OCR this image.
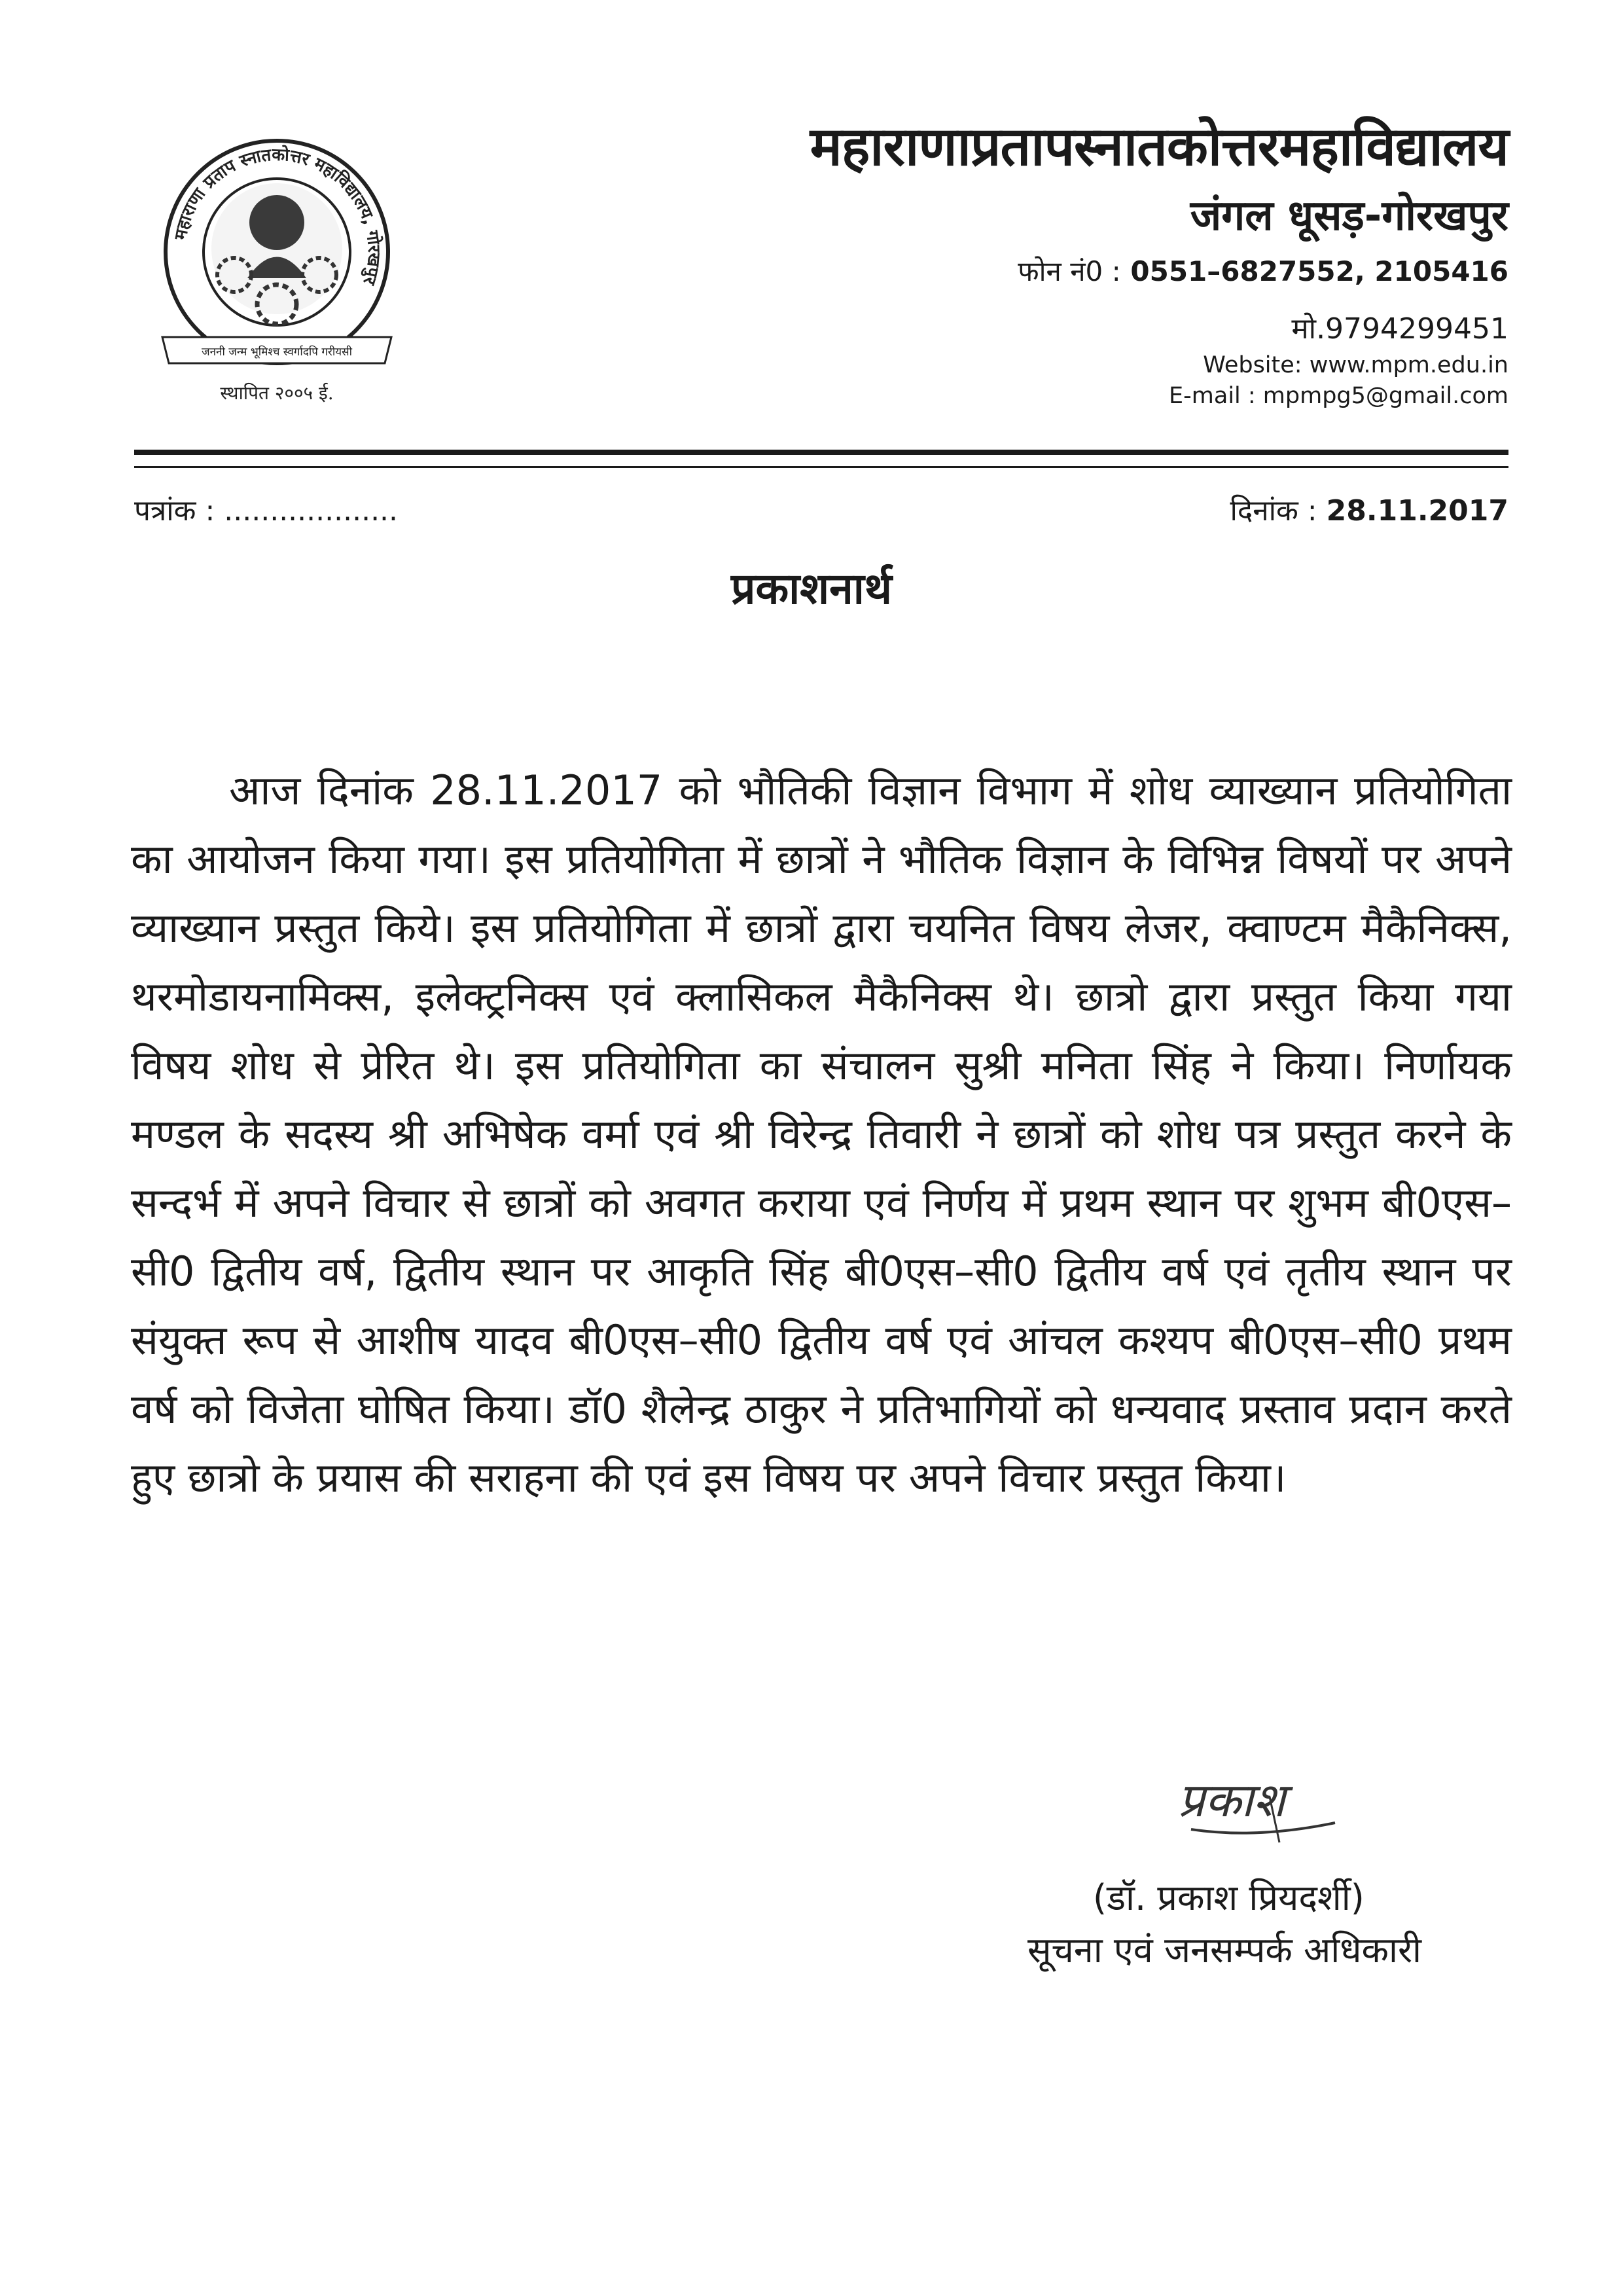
महाराणा प्रताप स्नातकोत्तर महाविद्यालय, गोरखपुर
जननी जन्म भूमिश्च स्वर्गादपि गरीयसी
स्थापित २००५ ई.
महाराणाप्रतापस्नातकोत्तरमहाविद्यालय
जंगल धूसड़-गोरखपुर
फोन नं0 : 0551–6827552, 2105416
मो.9794299451
Website: www.mpm.edu.in
E-mail : mpmpg5@gmail.com
पत्रांक : ...................	दिनांक : 28.11.2017
प्रकाशनार्थ
आज दिनांक 28.11.2017 को भौतिकी विज्ञान विभाग में शोध व्याख्यान प्रतियोगिता का आयोजन किया गया। इस प्रतियोगिता में छात्रों ने भौतिक विज्ञान के विभिन्न विषयों पर अपने व्याख्यान प्रस्तुत किये। इस प्रतियोगिता में छात्रों द्वारा चयनित विषय लेजर, क्वाण्टम मैकैनिक्स, थरमोडायनामिक्स, इलेक्ट्रनिक्स एवं क्लासिकल मैकैनिक्स थे। छात्रो द्वारा प्रस्तुत किया गया विषय शोध से प्रेरित थे। इस प्रतियोगिता का संचालन सुश्री मनिता सिंह ने किया। निर्णायक मण्डल के सदस्य श्री अभिषेक वर्मा एवं श्री विरेन्द्र तिवारी ने छात्रों को शोध पत्र प्रस्तुत करने के सन्दर्भ में अपने विचार से छात्रों को अवगत कराया एवं निर्णय में प्रथम स्थान पर शुभम बी0एस–सी0 द्वितीय वर्ष, द्वितीय स्थान पर आकृति सिंह बी0एस–सी0 द्वितीय वर्ष एवं तृतीय स्थान पर संयुक्त रूप से आशीष यादव बी0एस–सी0 द्वितीय वर्ष एवं आंचल कश्यप बी0एस–सी0 प्रथम वर्ष को विजेता घोषित किया। डॉ0 शैलेन्द्र ठाकुर ने प्रतिभागियों को धन्यवाद प्रस्ताव प्रदान करते हुए छात्रो के प्रयास की सराहना की एवं इस विषय पर अपने विचार प्रस्तुत किया।
प्रकाश
(डॉ. प्रकाश प्रियदर्शी)
सूचना एवं जनसम्पर्क अधिकारी
